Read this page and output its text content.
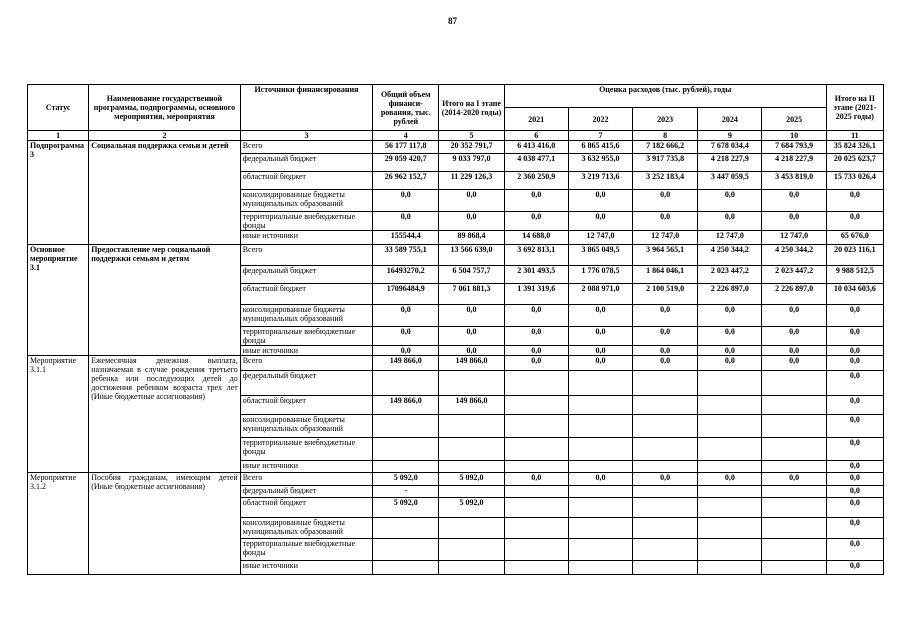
87
Статус	Наименование государственной программы, подпрограммы, основного мероприятия, мероприятия	Источники финансирования	Общий объем финанси-рования, тыс. рублей	Итого на I этапе (2014-2020 годы)	Оценка расходов (тыс. рублей), годы					Итого на II этапе (2021-2025 годы)
					2021	2022	2023	2024	2025	
1	2	3	4	5	6	7	8	9	10	11
Подпрограмма 3	Социальная поддержка семьи и детей	Всего	56 177 117,8	20 352 791,7	6 413 416,0	6 865 415,6	7 182 666,2	7 678 034,4	7 684 793,9	35 824 326,1
		федеральный бюджет	29 059 420,7	9 033 797,0	4 038 477,1	3 632 955,0	3 917 735,8	4 218 227,9	4 218 227,9	20 025 623,7
		областной бюджет	26 962 152,7	11 229 126,3	2 360 250,9	3 219 713,6	3 252 183,4	3 447 059,5	3 453 819,0	15 733 026,4
		консолидированные бюджеты муниципальных образований	0,0	0,0	0,0	0,0	0,0	0,0	0,0	0,0
		территориальные внебюджетные фонды	0,0	0,0	0,0	0,0	0,0	0,0	0,0	0,0
		иные источники	155544,4	89 868,4	14 688,0	12 747,0	12 747,0	12 747,0	12 747,0	65 676,0
Основное мероприятие 3.1	Предоставление мер социальной поддержки семьям и детям	Всего	33 589 755,1	13 566 639,0	3 692 813,1	3 865 049,5	3 964 565,1	4 250 344,2	4 250 344,2	20 023 116,1
		федеральный бюджет	16493270,2	6 504 757,7	2 301 493,5	1 776 078,5	1 864 046,1	2 023 447,2	2 023 447,2	9 988 512,5
		областной бюджет	17096484,9	7 061 881,3	1 391 319,6	2 088 971,0	2 100 519,0	2 226 897,0	2 226 897,0	10 034 603,6
		консолидированные бюджеты муниципальных образований	0,0	0,0	0,0	0,0	0,0	0,0	0,0	0,0
		территориальные внебюджетные фонды	0,0	0,0	0,0	0,0	0,0	0,0	0,0	0,0
		иные источники	0,0	0,0	0,0	0,0	0,0	0,0	0,0	0,0
Мероприятие 3.1.1	Ежемесячная денежная выплата, назначаемая в случае рождения третьего ребенка или последующих детей до достижения ребенком возраста трех лет (Иные бюджетные ассигнования)	Всего	149 866,0	149 866,0	0,0	0,0	0,0	0,0	0,0	0,0
		федеральный бюджет								0,0
		областной бюджет	149 866,0	149 866,0						0,0
		консолидированные бюджеты муниципальных образований								0,0
		территориальные внебюджетные фонды								0,0
		иные источники								0,0
Мероприятие 3.1.2	Пособия гражданам, имеющим детей (Иные бюджетные ассигнования)	Всего	5 092,0	5 092,0	0,0	0,0	0,0	0,0	0,0	0,0
		федеральный бюджет	-							0,0
		областной бюджет	5 092,0	5 092,0						0,0
		консолидированные бюджеты муниципальных образований								0,0
		территориальные внебюджетные фонды								0,0
		иные источники								0,0
